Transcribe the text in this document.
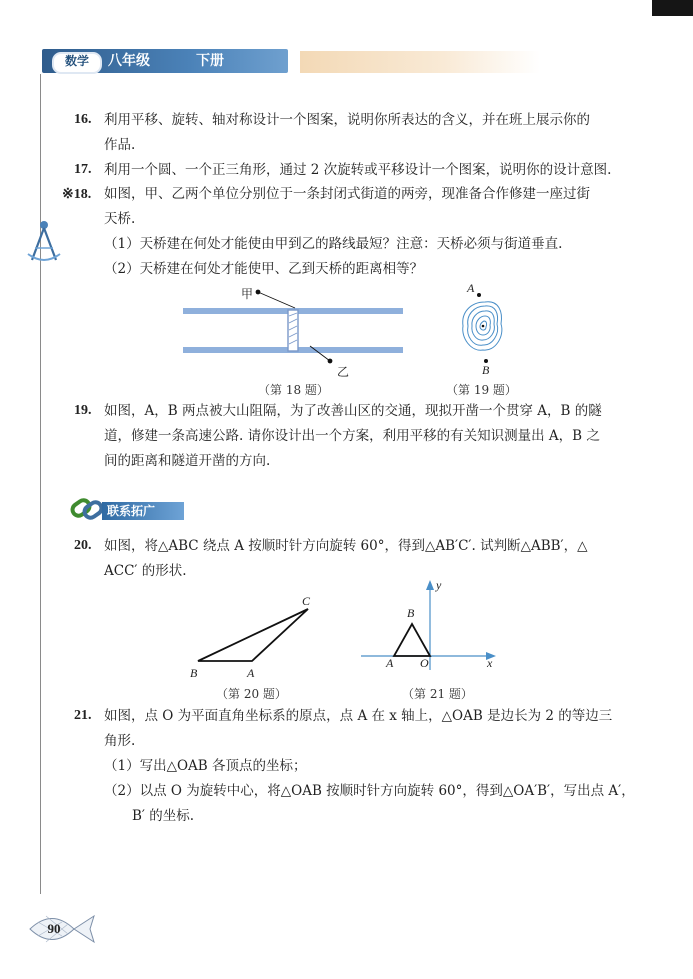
数学	八年级	下册
16. 利用平移、旋转、轴对称设计一个图案，说明你所表达的含义，并在班上展示你的
作品.
17. 利用一个圆、一个正三角形，通过 2 次旋转或平移设计一个图案，说明你的设计意图.
※18. 如图，甲、乙两个单位分别位于一条封闭式街道的两旁，现准备合作修建一座过街
天桥.
（1）天桥建在何处才能使由甲到乙的路线最短？注意：天桥必须与街道垂直.
（2）天桥建在何处才能使甲、乙到天桥的距离相等？
甲
乙
（第 18 题）
A
B
（第 19 题）
19. 如图，A，B 两点被大山阻隔，为了改善山区的交通，现拟开凿一个贯穿 A，B 的隧
道，修建一条高速公路. 请你设计出一个方案，利用平移的有关知识测量出 A，B 之
间的距离和隧道开凿的方向.
联系拓广
20. 如图，将△ABC 绕点 A 按顺时针方向旋转 60°，得到△AB′C′. 试判断△ABB′，△
ACC′ 的形状.
B	A
C
（第 20 题）
y
x
B
A O
（第 21 题）
21. 如图，点 O 为平面直角坐标系的原点，点 A 在 x 轴上，△OAB 是边长为 2 的等边三
角形.
（1）写出△OAB 各顶点的坐标；
（2）以点 O 为旋转中心，将△OAB 按顺时针方向旋转 60°，得到△OA′B′，写出点 A′，
B′ 的坐标.
90
